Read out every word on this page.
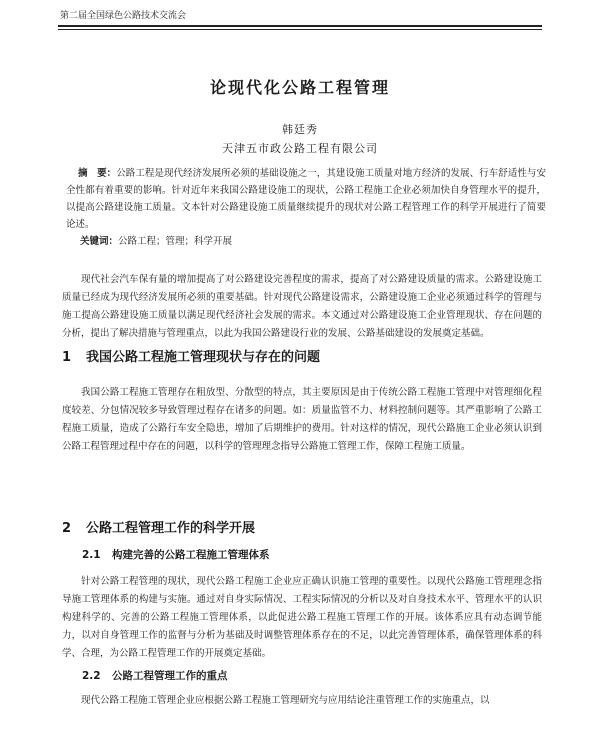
第二届全国绿色公路技术交流会
论现代化公路工程管理
韩廷秀
天津五市政公路工程有限公司
摘　要：公路工程是现代经济发展所必须的基础设施之一，其建设施工质量对地方经济的发展、行车舒适性与安全性都有着重要的影响。针对近年来我国公路建设施工的现状，公路工程施工企业必须加快自身管理水平的提升，以提高公路建设施工质量。文本针对公路建设施工质量继续提升的现状对公路工程管理工作的科学开展进行了简要论述。
关键词：公路工程；管理；科学开展
现代社会汽车保有量的增加提高了对公路建设完善程度的需求，提高了对公路建设质量的需求。公路建设施工质量已经成为现代经济发展所必须的重要基础。针对现代公路建设需求，公路建设施工企业必须通过科学的管理与施工提高公路建设施工质量以满足现代经济社会发展的需求。本文通过对公路建设施工企业管理现状、存在问题的分析，提出了解决措施与管理重点，以此为我国公路建设行业的发展、公路基础建设的发展奠定基础。
1 我国公路工程施工管理现状与存在的问题
我国公路工程施工管理存在粗放型、分散型的特点，其主要原因是由于传统公路工程施工管理中对管理细化程度较差、分包情况较多导致管理过程存在诸多的问题。如：质量监管不力、材料控制问题等。其严重影响了公路工程施工质量，造成了公路行车安全隐患，增加了后期维护的费用。针对这样的情况，现代公路施工企业必须认识到公路工程管理过程中存在的问题，以科学的管理理念指导公路施工管理工作，保障工程施工质量。
2 公路工程管理工作的科学开展
2.1 构建完善的公路工程施工管理体系
针对公路工程管理的现状，现代公路工程施工企业应正确认识施工管理的重要性。以现代公路施工管理理念指导施工管理体系的构建与实施。通过对自身实际情况、工程实际情况的分析以及对自身技术水平、管理水平的认识构建科学的、完善的公路工程施工管理体系，以此促进公路工程施工管理工作的开展。该体系应具有动态调节能力，以对自身管理工作的监督与分析为基础及时调整管理体系存在的不足，以此完善管理体系，确保管理体系的科学、合理，为公路工程管理工作的开展奠定基础。
2.2 公路工程管理工作的重点
现代公路工程施工管理企业应根据公路工程施工管理研究与应用结论注重管理工作的实施重点，以
